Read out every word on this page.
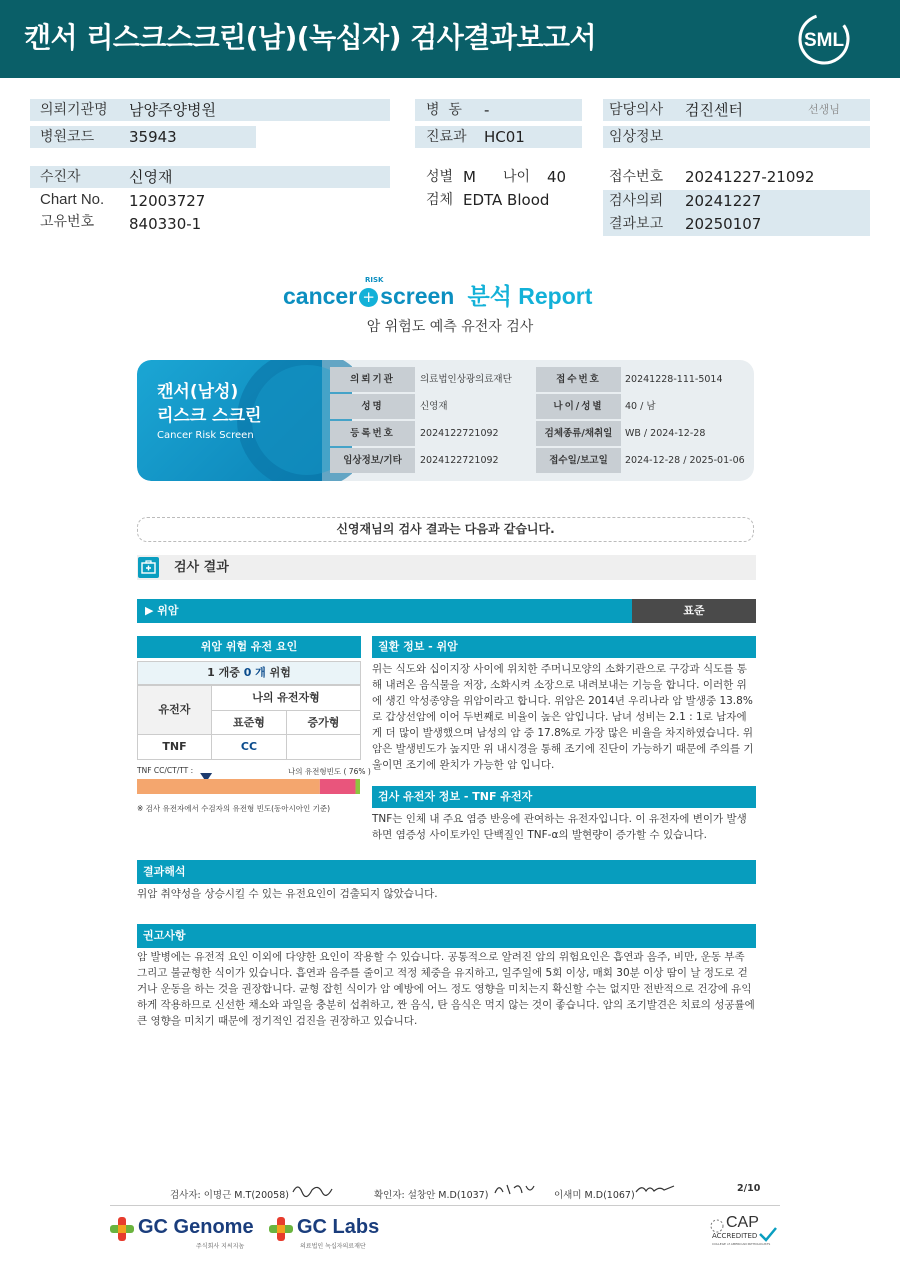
캔서 리스크스크린(남)(녹십자) 검사결과보고서	SML
의뢰기관명 남양주양병원
병원코드 35943
병  동 -
진료과 HC01
담당의사 검진센터	선생님
임상정보
수진자	신영재
Chart No. 12003727
고유번호 840330-1
성별 M 나이 40
검체 EDTA Blood
접수번호 20241227-21092
검사의뢰 20241227
결과보고 20250107
cancer + screen 분석 Report
RISK
암 위험도 예측 유전자 검사
캔서(남성)
리스크 스크린
Cancer Risk Screen
의뢰기관	의료법인상광의료재단	접수번호	20241228-111-5014
성명	신영재	나이/성별	40 / 남
등록번호	2024122721092	검체종류/채취일	WB / 2024-12-28
임상정보/기타	2024122721092	접수일/보고일	2024-12-28 / 2025-01-06
신영재님의 검사 결과는 다음과 같습니다.
검사 결과
▶ 위암	표준
위암 위험 유전 요인
1 개중 0 개 위험
유전자
나의 유전자형
표준형	증가형
TNF	CC
TNF CC/CT/TT :	나의 유전형빈도 ( 76% )
※ 검사 유전자에서 수검자의 유전형 빈도(동아시아인 기준)
질환 정보 - 위암
위는 식도와 십이지장 사이에 위치한 주머니모양의 소화기관으로 구강과 식도를 통해 내려온 음식물을 저장, 소화시켜 소장으로 내려보내는 기능을 합니다. 이러한 위에 생긴 악성종양을 위암이라고 합니다. 위암은 2014년 우리나라 암 발생중 13.8%로 갑상선암에 이어 두번째로 비율이 높은 암입니다. 남녀 성비는 2.1 : 1로 남자에게 더 많이 발생했으며 남성의 암 중 17.8%로 가장 많은 비율을 차지하였습니다. 위암은 발생빈도가 높지만 위 내시경을 통해 조기에 진단이 가능하기 때문에 주의를 기울이면 조기에 완치가 가능한 암 입니다.
검사 유전자 정보 - TNF 유전자
TNF는 인체 내 주요 염증 반응에 관여하는 유전자입니다. 이 유전자에 변이가 발생하면 염증성 사이토카인 단백질인 TNF-α의 발현량이 증가할 수 있습니다.
결과해석
위암 취약성을 상승시킬 수 있는 유전요인이 검출되지 않았습니다.
권고사항
암 발병에는 유전적 요인 이외에 다양한 요인이 작용할 수 있습니다. 공통적으로 알려진 암의 위험요인은 흡연과 음주, 비만, 운동 부족 그리고 불균형한 식이가 있습니다. 흡연과 음주를 줄이고 적정 체중을 유지하고, 일주일에 5회 이상, 매회 30분 이상 땀이 날 정도로 걷거나 운동을 하는 것을 권장합니다. 균형 잡힌 식이가 암 예방에 어느 정도 영향을 미치는지 확신할 수는 없지만 전반적으로 건강에 유익하게 작용하므로 신선한 채소와 과일을 충분히 섭취하고, 짠 음식, 탄 음식은 먹지 않는 것이 좋습니다. 암의 조기발견은 치료의 성공률에 큰 영향을 미치기 때문에 정기적인 검진을 권장하고 있습니다.
검사자: 이명근 M.T(20058)	확인자: 설창안 M.D(1037)	이새미 M.D(1067)
2/10
GC Genome
주식회사 지씨지놈
GC Labs
의료법인 녹십자의료재단
CAP
ACCREDITED
COLLEGE of AMERICAN PATHOLOGISTS
